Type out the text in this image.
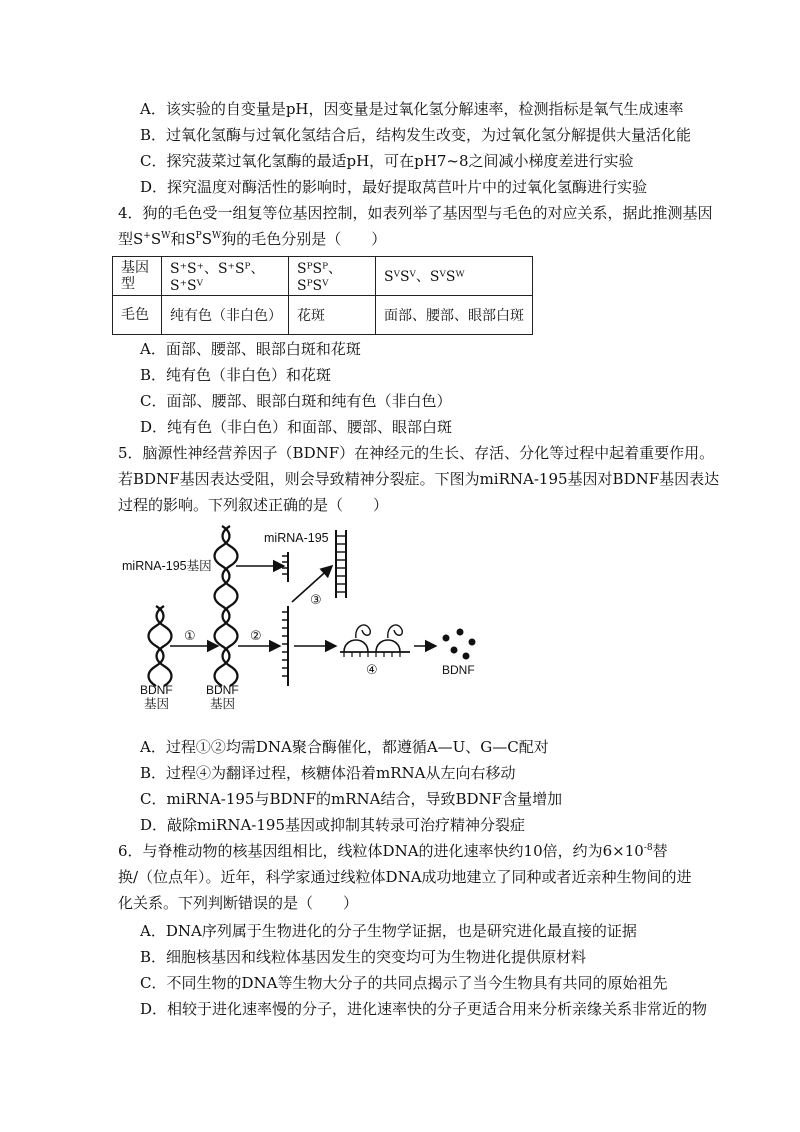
A．该实验的自变量是pH，因变量是过氧化氢分解速率，检测指标是氧气生成速率
B．过氧化氢酶与过氧化氢结合后，结构发生改变，为过氧化氢分解提供大量活化能
C．探究菠菜过氧化氢酶的最适pH，可在pH7~8之间减小梯度差进行实验
D．探究温度对酶活性的影响时，最好提取莴苣叶片中的过氧化氢酶进行实验
4．狗的毛色受一组复等位基因控制，如表列举了基因型与毛色的对应关系，据此推测基因
型$S^+S^W$和$S^PS^W$狗的毛色分别是（　　）
基因型	S⁺S⁺、S⁺Sᴾ、S⁺Sⱽ	SᴾSᴾ、SᴾSⱽ	SⱽSⱽ、SⱽSᵂ
毛色	纯有色（非白色）	花斑	面部、腰部、眼部白斑
A．面部、腰部、眼部白斑和花斑
B．纯有色（非白色）和花斑
C．面部、腰部、眼部白斑和纯有色（非白色）
D．纯有色（非白色）和面部、腰部、眼部白斑
5．脑源性神经营养因子（BDNF）在神经元的生长、存活、分化等过程中起着重要作用。
若BDNF基因表达受阻，则会导致精神分裂症。下图为miRNA-195基因对BDNF基因表达
过程的影响。下列叙述正确的是（　　）
miRNA-195基因
miRNA-195
BDNF
基因
①
BDNF
基因
②
③
④	BDNF
A．过程①②均需DNA聚合酶催化，都遵循A—U、G—C配对
B．过程④为翻译过程，核糖体沿着mRNA从左向右移动
C．miRNA-195与BDNF的mRNA结合，导致BDNF含量增加
D．敲除miRNA-195基因或抑制其转录可治疗精神分裂症
6．与脊椎动物的核基因组相比，线粒体DNA的进化速率快约10倍，约为$6\times 10^{-8}$替
换/（位点年）。近年，科学家通过线粒体DNA成功地建立了同种或者近亲种生物间的进
化关系。下列判断错误的是（　　）
A．DNA序列属于生物进化的分子生物学证据，也是研究进化最直接的证据
B．细胞核基因和线粒体基因发生的突变均可为生物进化提供原材料
C．不同生物的DNA等生物大分子的共同点揭示了当今生物具有共同的原始祖先
D．相较于进化速率慢的分子，进化速率快的分子更适合用来分析亲缘关系非常近的物
